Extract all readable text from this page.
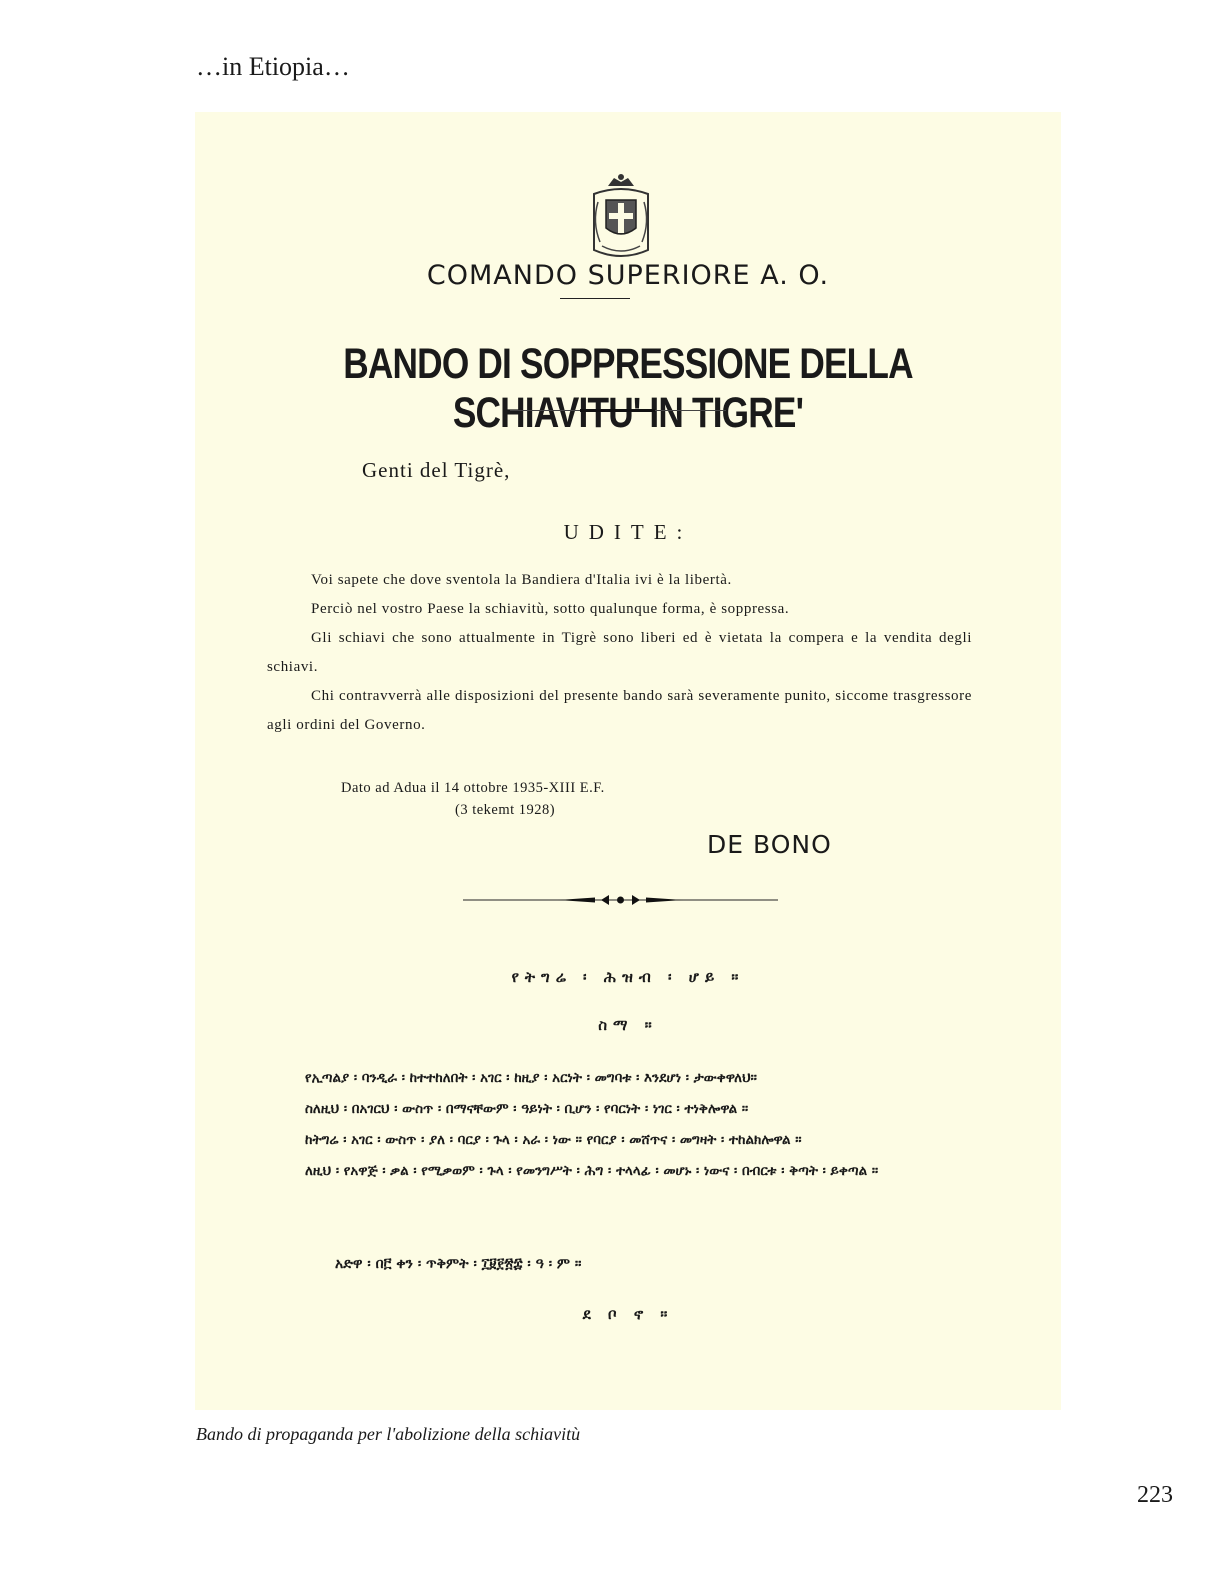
…in Etiopia…
COMANDO SUPERIORE A. O.
BANDO DI SOPPRESSIONE DELLA SCHIAVITU' IN TIGRE'
Genti del Tigrè,
UDITE:

Voi sapete che dove sventola la Bandiera d'Italia ivi è la libertà.

Perciò nel vostro Paese la schiavitù, sotto qualunque forma, è soppressa.

Gli schiavi che sono attualmente in Tigrè sono liberi ed è vietata la compera e la vendita degli schiavi.

Chi contravverrà alle disposizioni del presente bando sarà severamente punito, siccome trasgressore agli ordini del Governo.

Dato ad Adua il 14 ottobre 1935-XIII E.F.
(3 tekemt 1928)
DE BONO
የትግሬ ፡ ሕዝብ ፡ ሆይ ።
ስማ ።

የኢጣልያ ፡ ባንዲራ ፡ ከተተከለበት ፡ አገር ፡ ከዚያ ፡ አርነት ፡ መግባቱ ፡ እንደሆነ ፡ ታውቀዋለህ።

ስለዚህ ፡ በአገርህ ፡ ውስጥ ፡ በማናቸውም ፡ ዓይነት ፡ ቢሆን ፡ የባርነት ፡ ነገር ፡ ተነቅሎዋል ።

ከትግሬ ፡ አገር ፡ ውስጥ ፡ ያለ ፡ ባርያ ፡ ጉላ ፡ አራ ፡ ነው ። የባርያ ፡ መሸጥና ፡ መግዛት ፡ ተከልክሎዋል ።

ለዚህ ፡ የአዋጅ ፡ ቃል ፡ የሚቃወም ፡ ጉላ ፡ የመንግሥት ፡ ሕግ ፡ ተላላፊ ፡ መሆኑ ፡ ነውና ፡ በብርቱ ፡ ቅጣት ፡ ይቀጣል ።

አድዋ ፡ በ፫ ቀን ፡ ጥቅምት ፡ ፲፱፻፳፰ ፡ ዓ ፡ ም ።
ደ ቦ ኖ ።
Bando di propaganda per l'abolizione della schiavitù
223
